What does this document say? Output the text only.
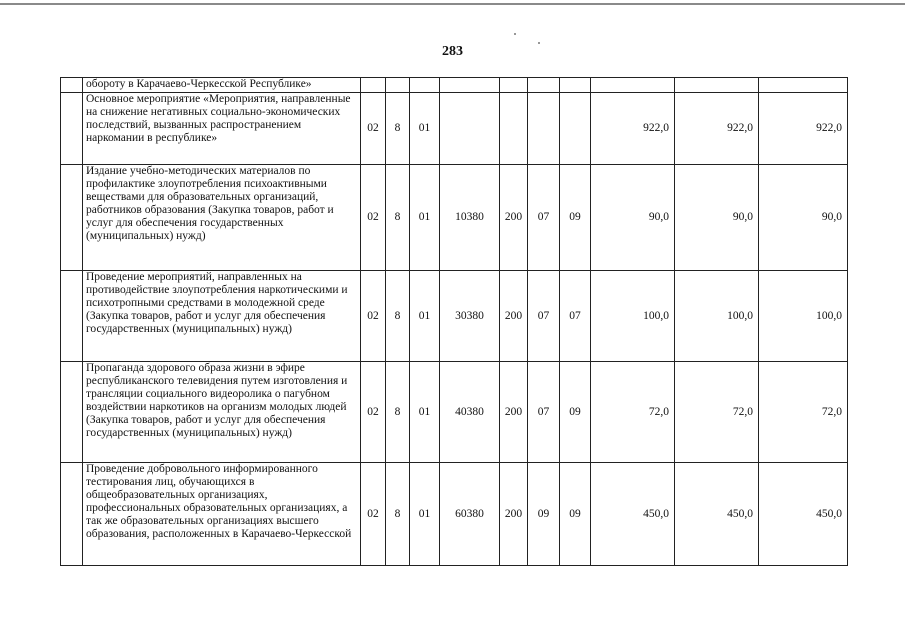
283
	обороту в Карачаево-Черкесской Республике»										
	Основное мероприятие «Мероприятия, направленные на снижение негативных социально-экономических последствий, вызванных распространением наркомании в республике»	02	8	01					922,0	922,0	922,0
	Издание учебно-методических материалов по профилактике злоупотребления психоактивными веществами для образовательных организаций, работников образования (Закупка товаров, работ и услуг для обеспечения государственных (муниципальных) нужд)	02	8	01	10380	200	07	09	90,0	90,0	90,0
	Проведение мероприятий, направленных на противодействие злоупотребления наркотическими и психотропными средствами в молодежной среде (Закупка товаров, работ и услуг для обеспечения государственных (муниципальных) нужд)	02	8	01	30380	200	07	07	100,0	100,0	100,0
	Пропаганда здорового образа жизни в эфире республиканского телевидения путем изготовления и трансляции социального видеоролика о пагубном воздействии наркотиков на организм молодых людей (Закупка товаров, работ и услуг для обеспечения государственных (муниципальных) нужд)	02	8	01	40380	200	07	09	72,0	72,0	72,0
	Проведение добровольного информированного тестирования лиц, обучающихся в общеобразовательных организациях, профессиональных образовательных организациях, а так же образовательных организациях высшего образования, расположенных в Карачаево-Черкесской	02	8	01	60380	200	09	09	450,0	450,0	450,0
